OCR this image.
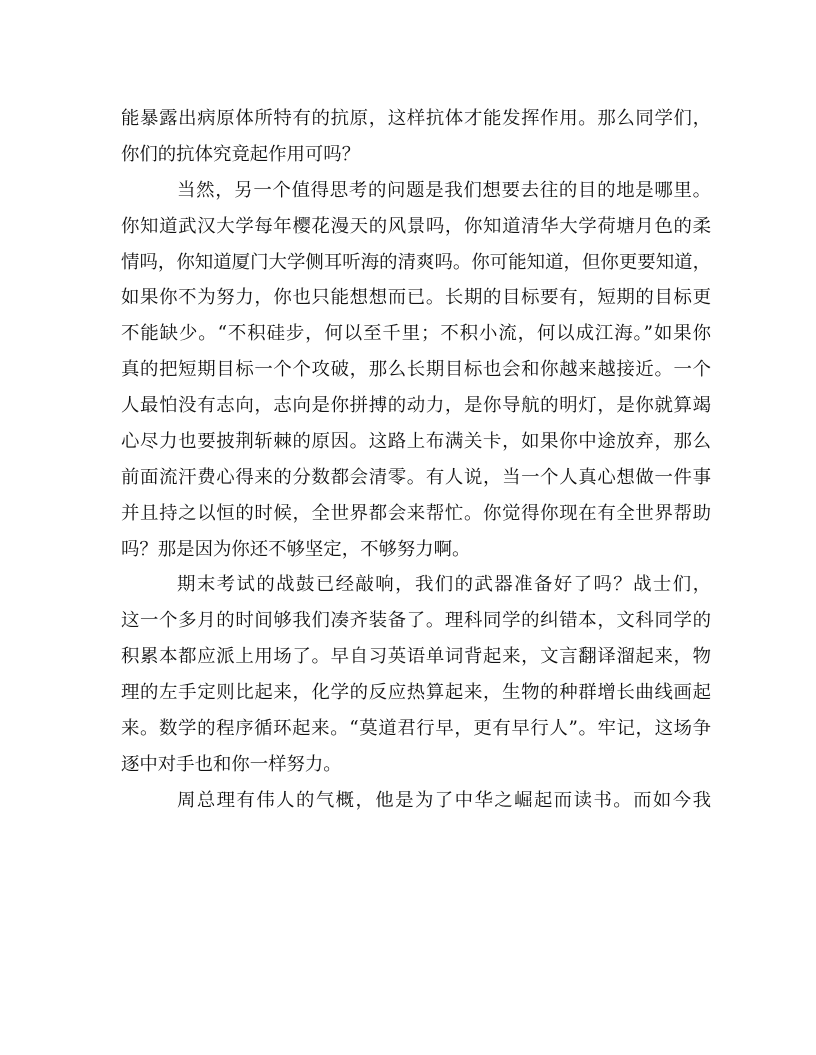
能暴露出病原体所特有的抗原，这样抗体才能发挥作用。那么同学们，
你们的抗体究竟起作用可吗？
当然，另一个值得思考的问题是我们想要去往的目的地是哪里。
你知道武汉大学每年樱花漫天的风景吗，你知道清华大学荷塘月色的柔
情吗，你知道厦门大学侧耳听海的清爽吗。你可能知道，但你更要知道，
如果你不为努力，你也只能想想而已。长期的目标要有，短期的目标更
不能缺少。“不积硅步，何以至千里；不积小流，何以成江海。”如果你
真的把短期目标一个个攻破，那么长期目标也会和你越来越接近。一个
人最怕没有志向，志向是你拼搏的动力，是你导航的明灯，是你就算竭
心尽力也要披荆斩棘的原因。这路上布满关卡，如果你中途放弃，那么
前面流汗费心得来的分数都会清零。有人说，当一个人真心想做一件事
并且持之以恒的时候，全世界都会来帮忙。你觉得你现在有全世界帮助
吗？那是因为你还不够坚定，不够努力啊。
期末考试的战鼓已经敲响，我们的武器准备好了吗？战士们，
这一个多月的时间够我们凑齐装备了。理科同学的纠错本，文科同学的
积累本都应派上用场了。早自习英语单词背起来，文言翻译溜起来，物
理的左手定则比起来，化学的反应热算起来，生物的种群增长曲线画起
来。数学的程序循环起来。“莫道君行早，更有早行人”。牢记，这场争
逐中对手也和你一样努力。
周总理有伟人的气概，他是为了中华之崛起而读书。而如今我
